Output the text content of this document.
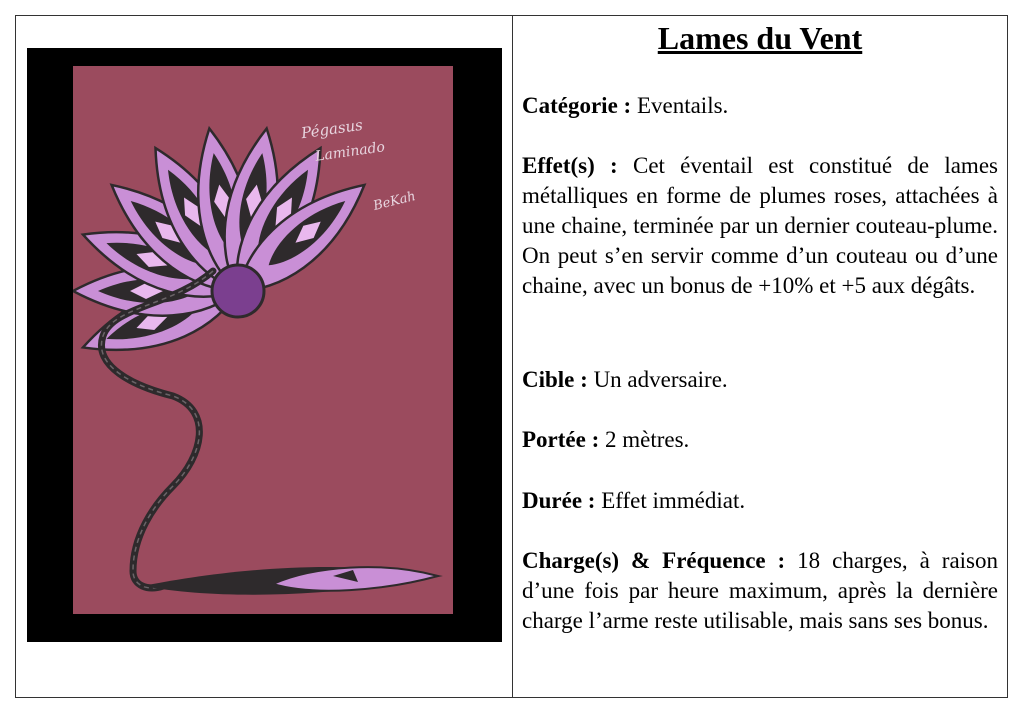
Pégasus
Laminado
BeKah
Lames du Vent

Catégorie : Eventails.

Effet(s) : Cet éventail est constitué de lames métalliques en forme de plumes roses, attachées à une chaine, terminée par un dernier couteau-plume. On peut s’en servir comme d’un couteau ou d’une chaine, avec un bonus de +10% et +5 aux dégâts.

Cible : Un adversaire.

Portée : 2 mètres.

Durée : Effet immédiat.

Charge(s) & Fréquence : 18 charges, à raison d’une fois par heure maximum, après la dernière charge l’arme reste utilisable, mais sans ses bonus.
